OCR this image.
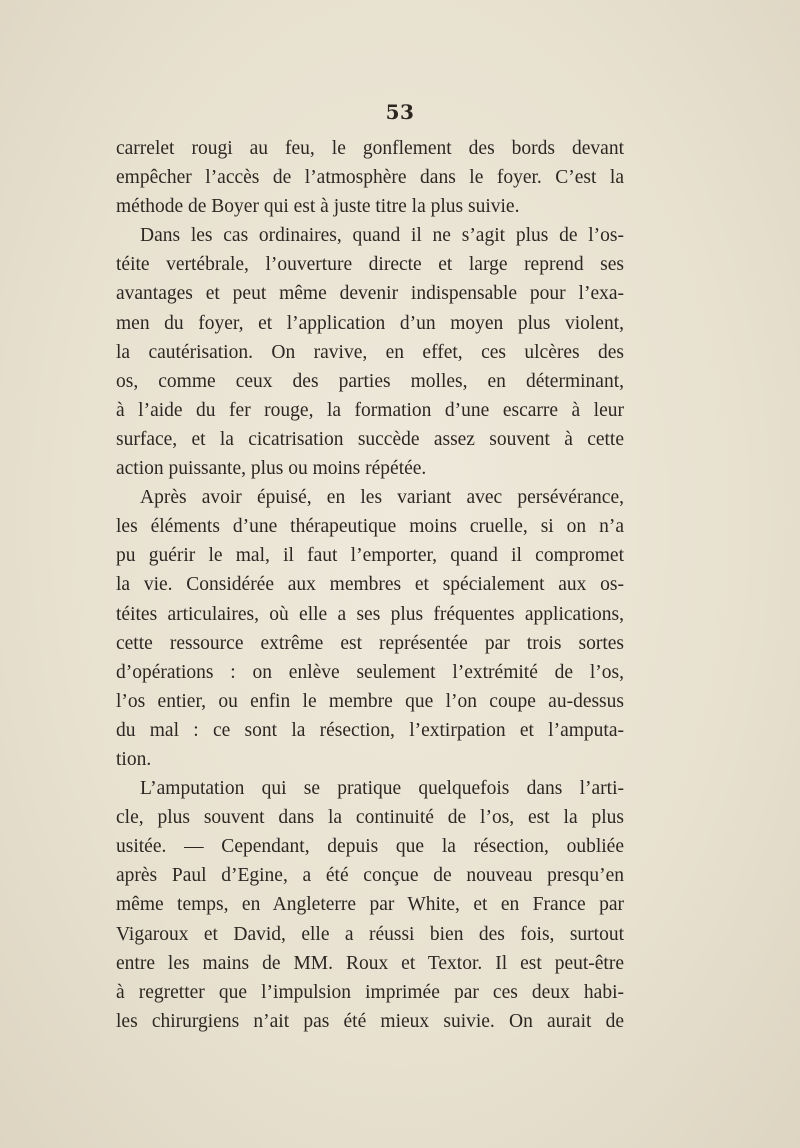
53
carrelet rougi au feu, le gonflement des bords devant
empêcher l’accès de l’atmosphère dans le foyer. C’est la
méthode de Boyer qui est à juste titre la plus suivie.
Dans les cas ordinaires, quand il ne s’agit plus de l’os-
téite vertébrale, l’ouverture directe et large reprend ses
avantages et peut même devenir indispensable pour l’exa-
men du foyer, et l’application d’un moyen plus violent,
la cautérisation. On ravive, en effet, ces ulcères des
os, comme ceux des parties molles, en déterminant,
à l’aide du fer rouge, la formation d’une escarre à leur
surface, et la cicatrisation succède assez souvent à cette
action puissante, plus ou moins répétée.
Après avoir épuisé, en les variant avec persévérance,
les éléments d’une thérapeutique moins cruelle, si on n’a
pu guérir le mal, il faut l’emporter, quand il compromet
la vie. Considérée aux membres et spécialement aux os-
téites articulaires, où elle a ses plus fréquentes applications,
cette ressource extrême est représentée par trois sortes
d’opérations : on enlève seulement l’extrémité de l’os,
l’os entier, ou enfin le membre que l’on coupe au-dessus
du mal : ce sont la résection, l’extirpation et l’amputa-
tion.
L’amputation qui se pratique quelquefois dans l’arti-
cle, plus souvent dans la continuité de l’os, est la plus
usitée. — Cependant, depuis que la résection, oubliée
après Paul d’Egine, a été conçue de nouveau presqu’en
même temps, en Angleterre par White, et en France par
Vigaroux et David, elle a réussi bien des fois, surtout
entre les mains de MM. Roux et Textor. Il est peut-être
à regretter que l’impulsion imprimée par ces deux habi-
les chirurgiens n’ait pas été mieux suivie. On aurait de
